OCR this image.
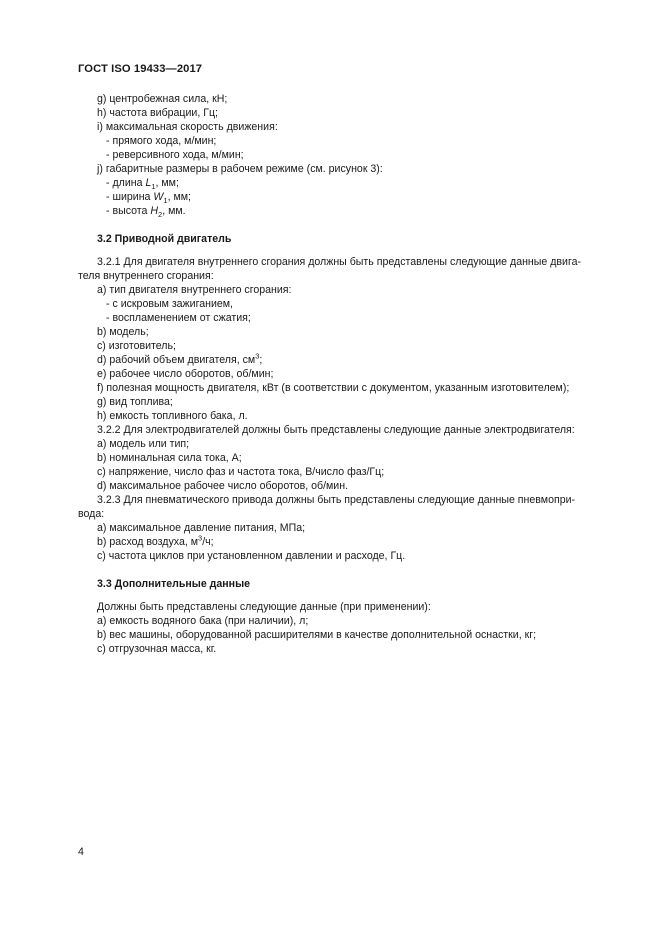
ГОСТ ISO 19433—2017
g) центробежная сила, кН;
h) частота вибрации, Гц;
i) максимальная скорость движения:
- прямого хода, м/мин;
- реверсивного хода, м/мин;
j) габаритные размеры в рабочем режиме (см. рисунок 3):
- длина $L_1$, мм;
- ширина $W_1$, мм;
- высота $H_2$, мм.
3.2 Приводной двигатель
3.2.1 Для двигателя внутреннего сгорания должны быть представлены следующие данные двига-
теля внутреннего сгорания:
а) тип двигателя внутреннего сгорания:
- с искровым зажиганием,
- воспламенением от сжатия;
b) модель;
с) изготовитель;
d) рабочий объем двигателя, $см^3$;
e) рабочее число оборотов, об/мин;
f) полезная мощность двигателя, кВт (в соответствии с документом, указанным изготовителем);
g) вид топлива;
h) емкость топливного бака, л.
3.2.2 Для электродвигателей должны быть представлены следующие данные электродвигателя:
а) модель или тип;
b) номинальная сила тока, А;
с) напряжение, число фаз и частота тока, В/число фаз/Гц;
d) максимальное рабочее число оборотов, об/мин.
3.2.3 Для пневматического привода должны быть представлены следующие данные пневмопри-
вода:
а) максимальное давление питания, МПа;
b) расход воздуха, $м^3/ч$;
с) частота циклов при установленном давлении и расходе, Гц.
3.3 Дополнительные данные
Должны быть представлены следующие данные (при применении):
а) емкость водяного бака (при наличии), л;
b) вес машины, оборудованной расширителями в качестве дополнительной оснастки, кг;
с) отгрузочная масса, кг.
4
